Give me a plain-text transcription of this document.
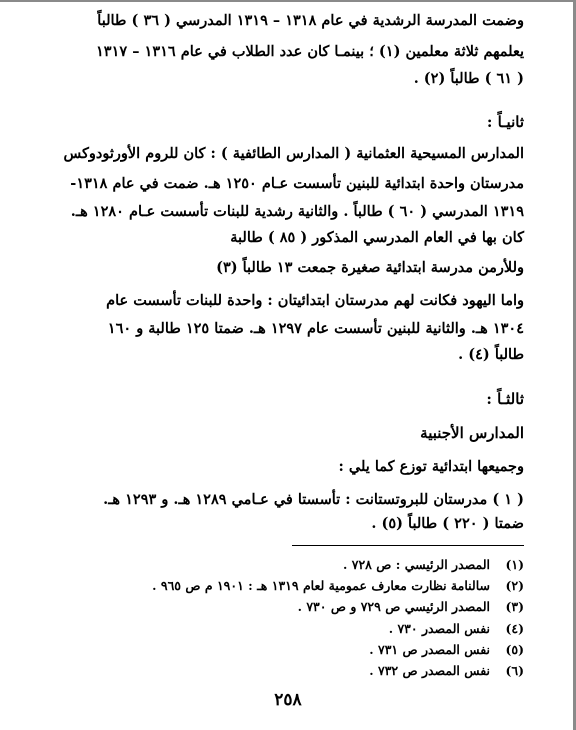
وضمت المدرسة الرشدية في عام ١٣١٨ – ١٣١٩ المدرسي ( ٣٦ ) طالباً
يعلمهم ثلاثة معلمين (١) ؛ بينمـا كان عدد الطلاب في عام ١٣١٦ – ١٣١٧
( ٦١ ) طالباً (٢) .
ثانيـاً :
المدارس المسيحية العثمانية ( المدارس الطائفية ) : كان للروم الأورثودوكس
مدرستان واحدة ابتدائية للبنين تأسست عـام ١٢٥٠ هـ. ضمت في عام ١٣١٨-
١٣١٩ المدرسي ( ٦٠ ) طالباً . والثانية رشدية للبنات تأسست عـام ١٢٨٠ هـ.
كان بها في العام المدرسي المذكور ( ٨٥ ) طالبة
وللأرمن مدرسة ابتدائية صغيرة جمعت ١٣ طالباً (٣)
واما اليهود فكانت لهم مدرستان ابتدائيتان : واحدة للبنات تأسست عام
١٣٠٤ هـ. والثانية للبنين تأسست عام ١٢٩٧ هـ. ضمتا ١٢٥ طالبة و ١٦٠
طالباً (٤) .
ثالثـاً :
المدارس الأجنبية
وجميعها ابتدائية توزع كما يلي :
( ١ ) مدرستان للبروتستانت : تأسستا في عـامي ١٢٨٩ هـ. و ١٢٩٣ هـ.
ضمتا ( ٢٢٠ ) طالباً (٥) .
(١)المصدر الرئيسي : ص ٧٢٨ .
(٢)سالنامة نظارت معارف عمومية لعام ١٣١٩ هـ : ١٩٠١ م ص ٩٦٥ .
(٣)المصدر الرئيسي ص ٧٢٩ و ص ٧٣٠ .
(٤)نفس المصدر ٧٣٠ .
(٥)نفس المصدر ص ٧٣١ .
(٦)نفس المصدر ص ٧٣٢ .
٢٥٨
